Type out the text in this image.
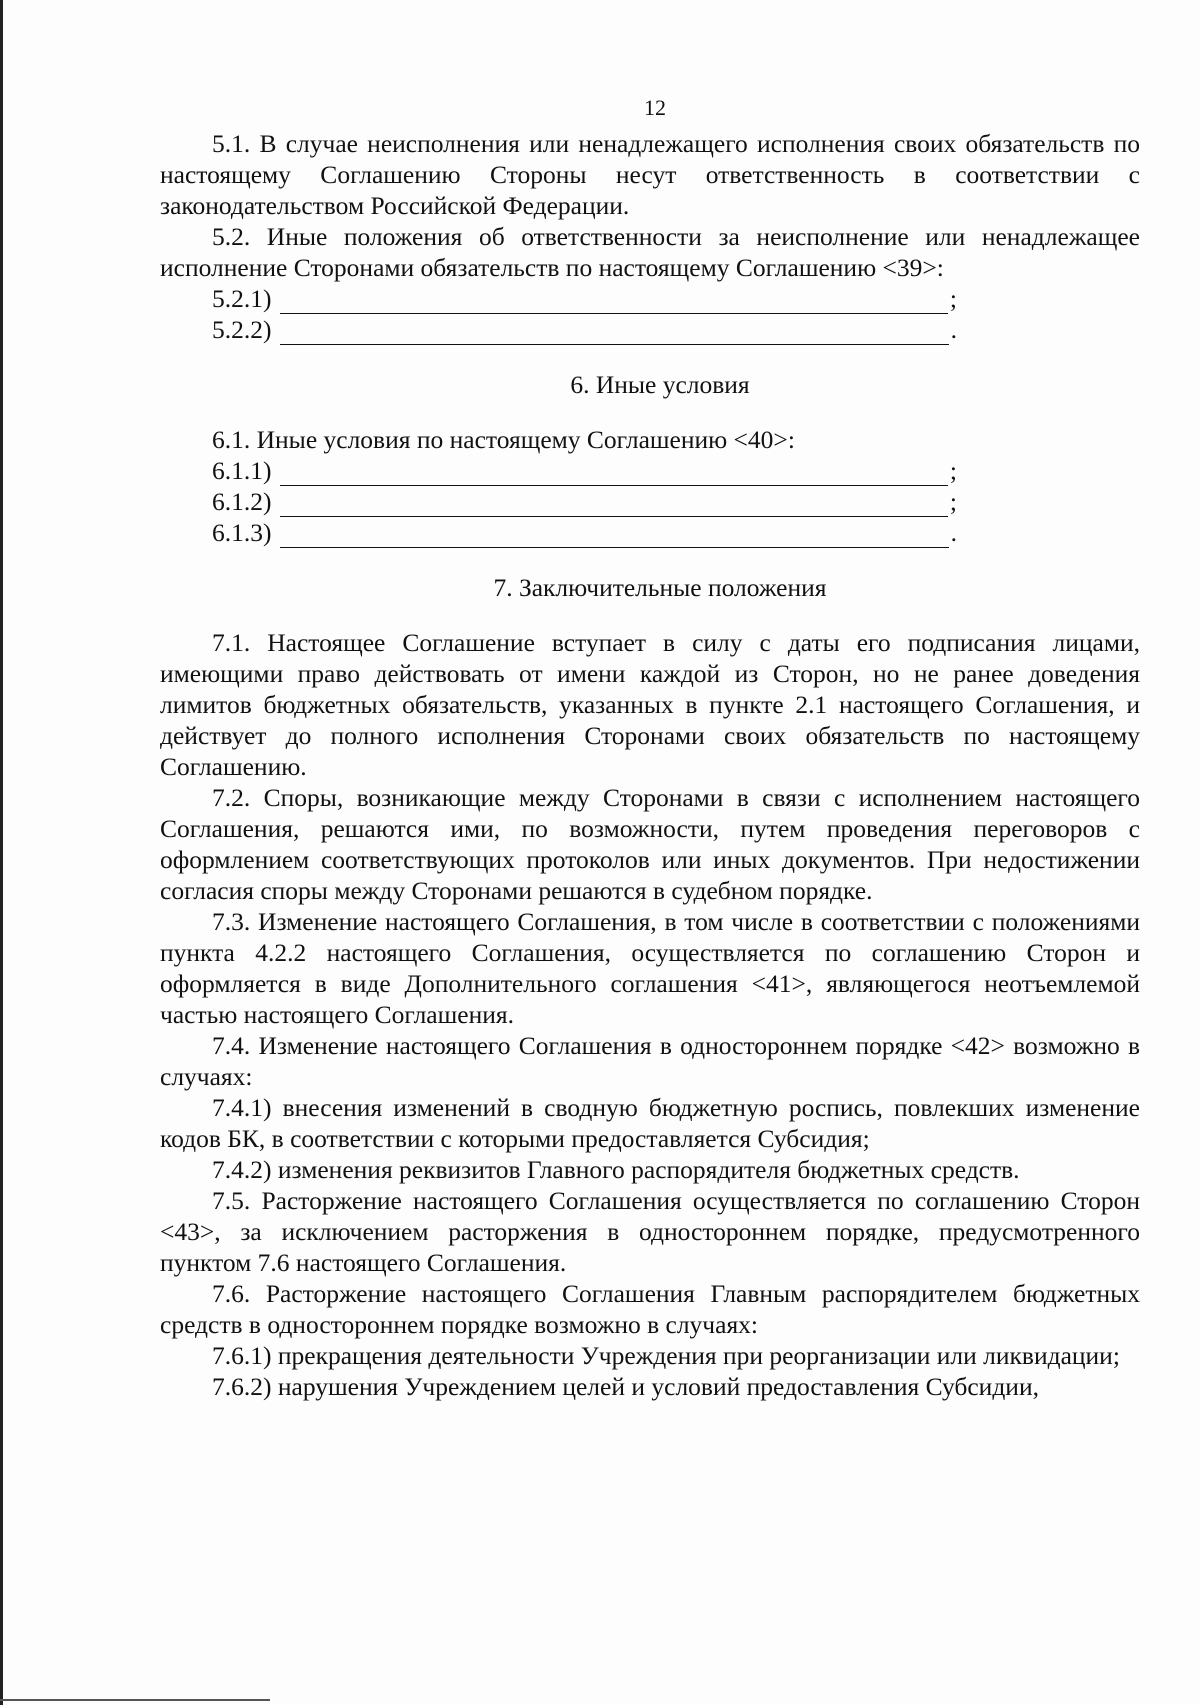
12

5.1. В случае неисполнения или ненадлежащего исполнения своих обязательств по настоящему Соглашению Стороны несут ответственность в соответствии с законодательством Российской Федерации.

5.2. Иные положения об ответственности за неисполнение или ненадлежащее исполнение Сторонами обязательств по настоящему Соглашению <39>:

5.2.1)	;
5.2.2)	.

6. Иные условия

6.1. Иные условия по настоящему Соглашению <40>:

6.1.1)	;
6.1.2)	;
6.1.3)	.

7. Заключительные положения

7.1. Настоящее Соглашение вступает в силу с даты его подписания лицами, имеющими право действовать от имени каждой из Сторон, но не ранее доведения лимитов бюджетных обязательств, указанных в пункте 2.1 настоящего Соглашения, и действует до полного исполнения Сторонами своих обязательств по настоящему Соглашению.

7.2. Споры, возникающие между Сторонами в связи с исполнением настоящего Соглашения, решаются ими, по возможности, путем проведения переговоров с оформлением соответствующих протоколов или иных документов. При недостижении согласия споры между Сторонами решаются в судебном порядке.

7.3. Изменение настоящего Соглашения, в том числе в соответствии с положениями пункта 4.2.2 настоящего Соглашения, осуществляется по соглашению Сторон и оформляется в виде Дополнительного соглашения <41>, являющегося неотъемлемой частью настоящего Соглашения.

7.4. Изменение настоящего Соглашения в одностороннем порядке <42> возможно в случаях:

7.4.1) внесения изменений в сводную бюджетную роспись, повлекших изменение кодов БК, в соответствии с которыми предоставляется Субсидия;

7.4.2) изменения реквизитов Главного распорядителя бюджетных средств.

7.5. Расторжение настоящего Соглашения осуществляется по соглашению Сторон <43>, за исключением расторжения в одностороннем порядке, предусмотренного пунктом 7.6 настоящего Соглашения.

7.6. Расторжение настоящего Соглашения Главным распорядителем бюджетных средств в одностороннем порядке возможно в случаях:

7.6.1) прекращения деятельности Учреждения при реорганизации или ликвидации;

7.6.2) нарушения Учреждением целей и условий предоставления Субсидии,
